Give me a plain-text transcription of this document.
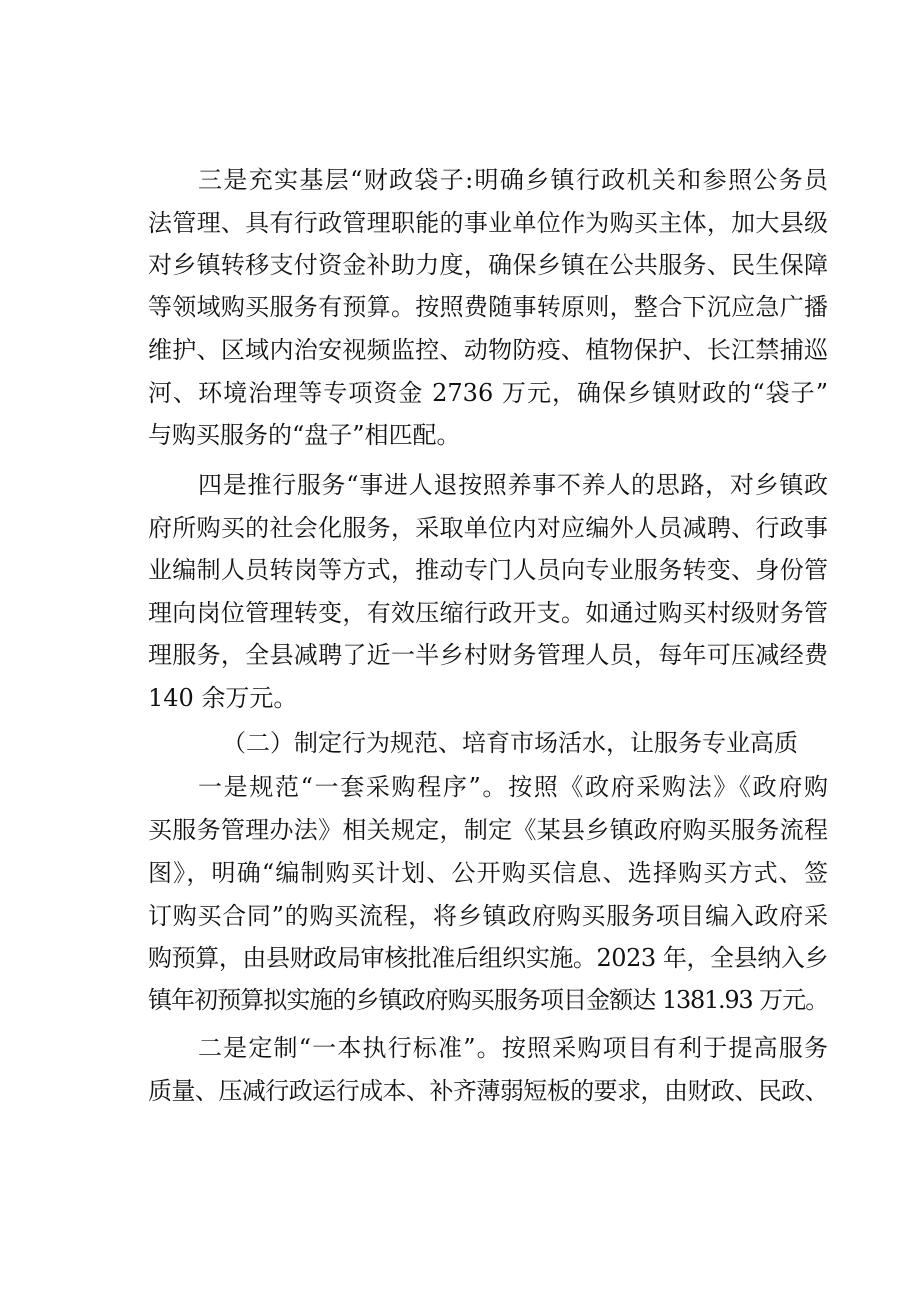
三是充实基层“财政袋子:明确乡镇行政机关和参照公务员
法管理、具有行政管理职能的事业单位作为购买主体，加大县级
对乡镇转移支付资金补助力度，确保乡镇在公共服务、民生保障
等领域购买服务有预算。按照费随事转原则，整合下沉应急广播
维护、区域内治安视频监控、动物防疫、植物保护、长江禁捕巡
河、环境治理等专项资金 2736 万元，确保乡镇财政的“袋子”
与购买服务的“盘子”相匹配。
四是推行服务“事进人退按照养事不养人的思路，对乡镇政
府所购买的社会化服务，采取单位内对应编外人员减聘、行政事
业编制人员转岗等方式，推动专门人员向专业服务转变、身份管
理向岗位管理转变，有效压缩行政开支。如通过购买村级财务管
理服务，全县减聘了近一半乡村财务管理人员，每年可压减经费
140 余万元。
（二）制定行为规范、培育市场活水，让服务专业高质
一是规范“一套采购程序”。按照《政府采购法》《政府购
买服务管理办法》相关规定，制定《某县乡镇政府购买服务流程
图》，明确“编制购买计划、公开购买信息、选择购买方式、签
订购买合同”的购买流程，将乡镇政府购买服务项目编入政府采
购预算，由县财政局审核批准后组织实施。2023 年，全县纳入乡
镇年初预算拟实施的乡镇政府购买服务项目金额达 1381.93 万元。
二是定制“一本执行标准”。按照采购项目有利于提高服务
质量、压减行政运行成本、补齐薄弱短板的要求，由财政、民政、
